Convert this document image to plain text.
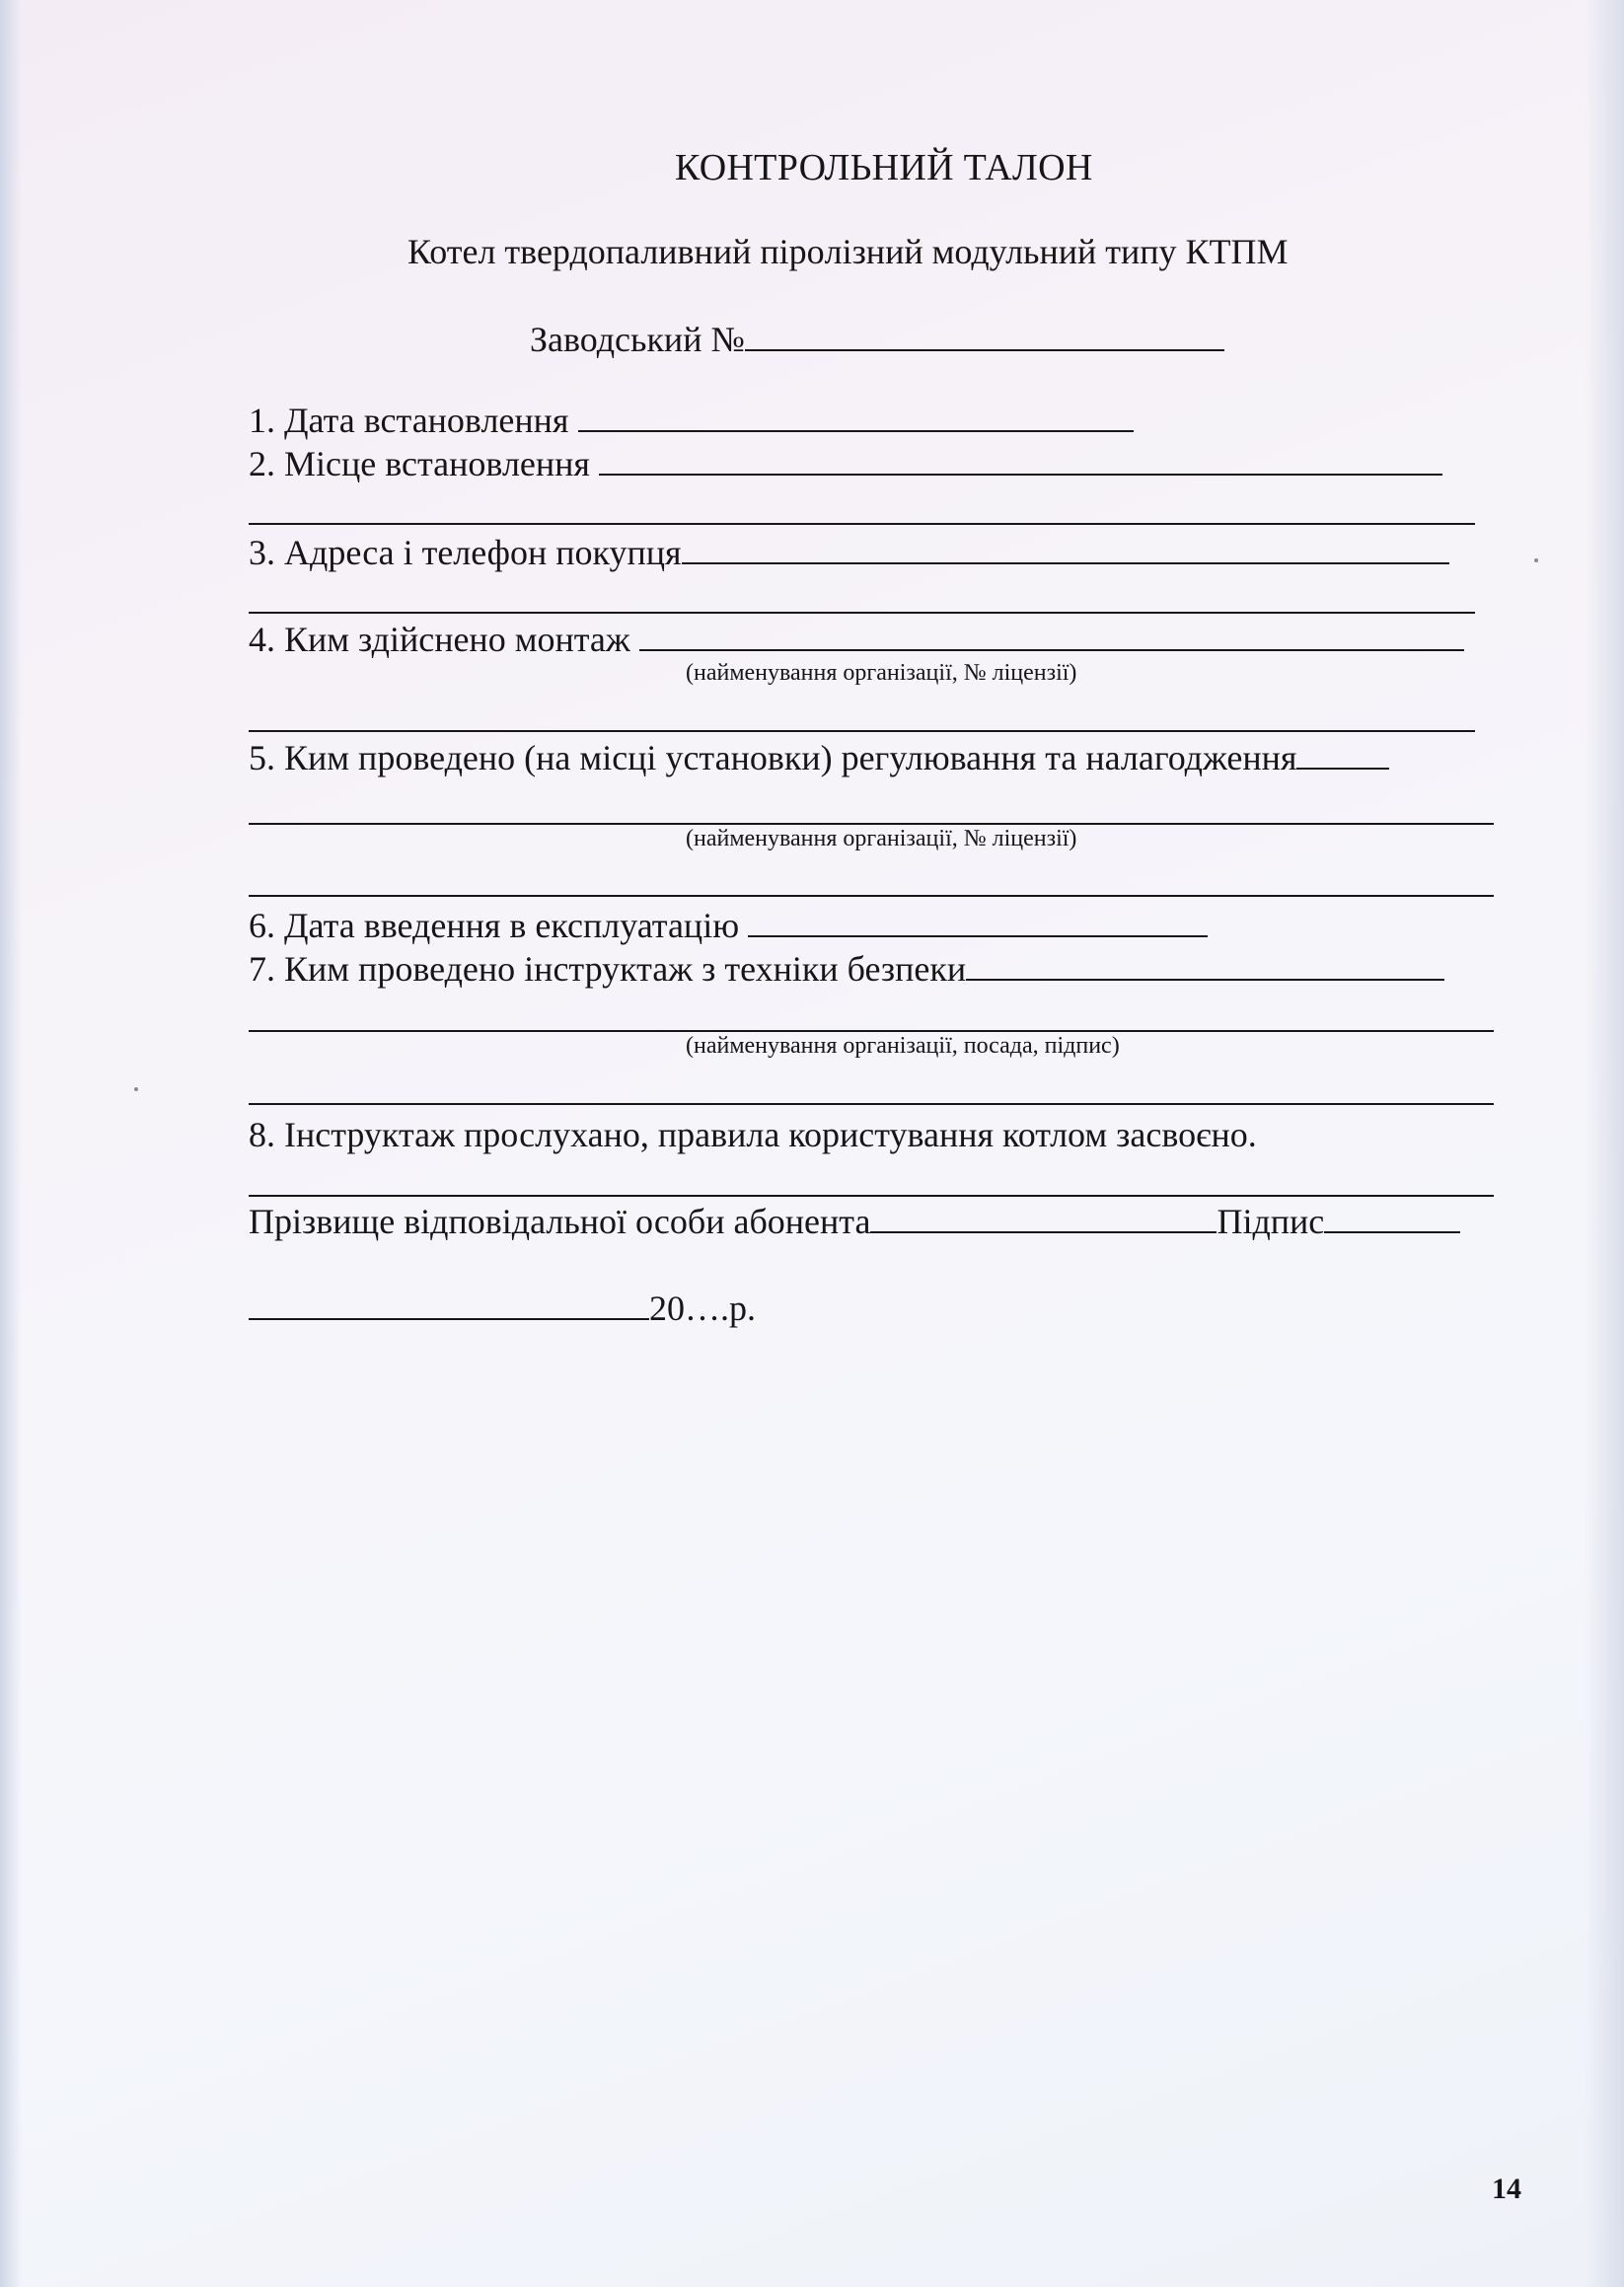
КОНТРОЛЬНИЙ ТАЛОН
Котел твердопаливний пірoлізний модульний типу КТПМ
Заводський №
1. Дата встановлення
2. Місце встановлення
3. Адреса і телефон покупця
4. Ким здійснено монтаж
(найменування організації, № ліцензії)
5. Ким проведено (на місці установки) регулювання та налагодження
(найменування організації, № ліцензії)
6. Дата введення в експлуатацію
7. Ким проведено інструктаж з техніки безпеки
(найменування організації, посада, підпис)
8. Інструктаж прослухано, правила користування котлом засвоєно.
Прізвище відповідальної особи абонента	Підпис
20….р.
14
